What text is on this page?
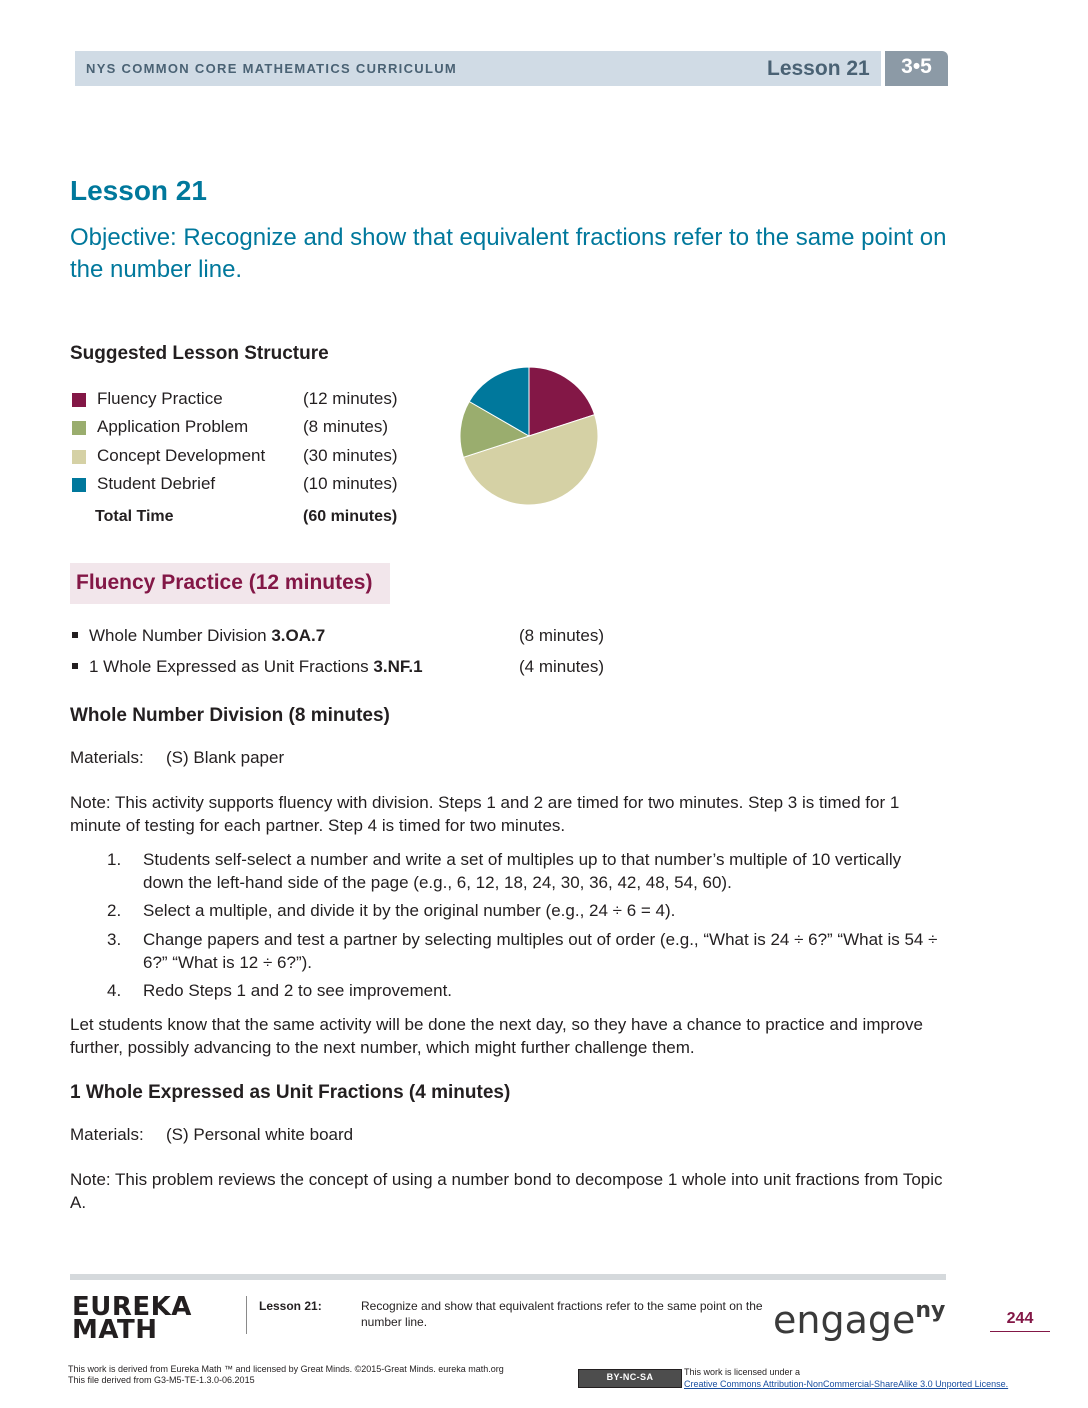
NYS COMMON CORE MATHEMATICS CURRICULUM	Lesson 21	3•5
Lesson 21
Objective: Recognize and show that equivalent fractions refer to the same point on the number line.
Suggested Lesson Structure
Fluency Practice	(12 minutes)
Application Problem	(8 minutes)
Concept Development (30 minutes)
Student Debrief	(10 minutes)
Total Time	(60 minutes)
Fluency Practice (12 minutes)
Whole Number Division 3.OA.7	(8 minutes)
1 Whole Expressed as Unit Fractions 3.NF.1	(4 minutes)
Whole Number Division (8 minutes)
Materials: (S) Blank paper
Note: This activity supports fluency with division. Steps 1 and 2 are timed for two minutes. Step 3 is timed for 1 minute of testing for each partner. Step 4 is timed for two minutes.
1. Students self-select a number and write a set of multiples up to that number’s multiple of 10 vertically down the left-hand side of the page (e.g., 6, 12, 18, 24, 30, 36, 42, 48, 54, 60).
2. Select a multiple, and divide it by the original number (e.g., 24 ÷ 6 = 4).
3. Change papers and test a partner by selecting multiples out of order (e.g., “What is 24 ÷ 6?” “What is 54 ÷ 6?” “What is 12 ÷ 6?”).
4. Redo Steps 1 and 2 to see improvement.
Let students know that the same activity will be done the next day, so they have a chance to practice and improve further, possibly advancing to the next number, which might further challenge them.
1 Whole Expressed as Unit Fractions (4 minutes)
Materials: (S) Personal white board
Note: This problem reviews the concept of using a number bond to decompose 1 whole into unit fractions from Topic A.
EUREKA
MATH
Lesson 21:	Recognize and show that equivalent fractions refer to the same point on the number line.	engage$^{ny}$	244
This work is derived from Eureka Math ™ and licensed by Great Minds. ©2015-Great Minds. eureka math.org
This file derived from G3-M5-TE-1.3.0-06.2015	BY-NC-SA	This work is licensed under a
Creative Commons Attribution-NonCommercial-ShareAlike 3.0 Unported License.
